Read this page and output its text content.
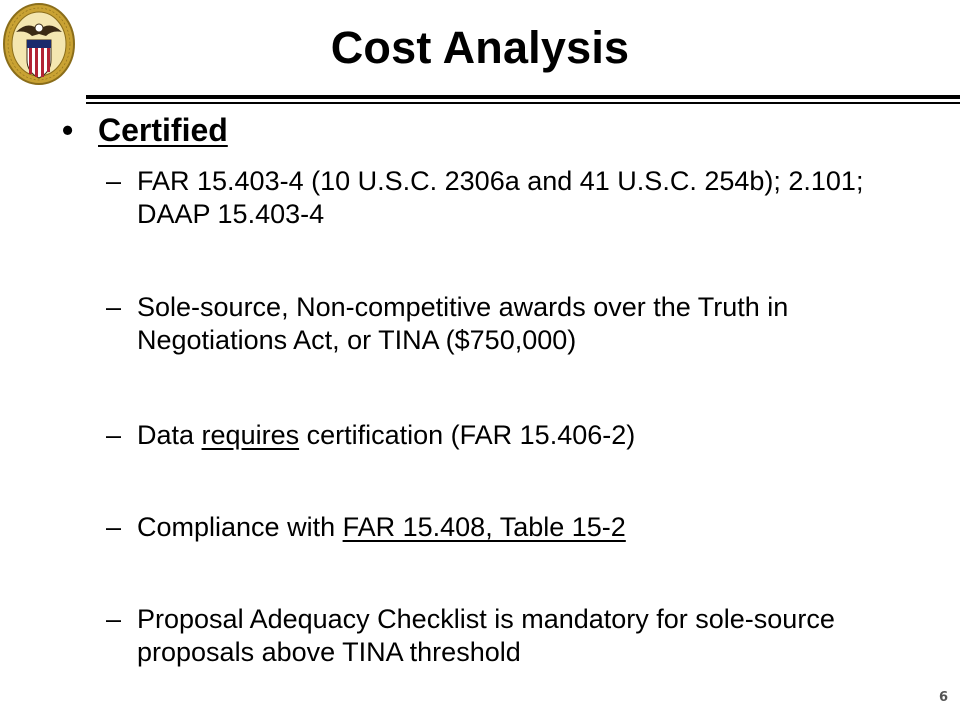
Cost Analysis
• Certified
– FAR 15.403-4 (10 U.S.C. 2306a and 41 U.S.C. 254b); 2.101; DAAP 15.403-4
– Sole-source, Non-competitive awards over the Truth in Negotiations Act, or TINA ($750,000)
– Data requires certification (FAR 15.406-2)
– Compliance with FAR 15.408, Table 15-2
– Proposal Adequacy Checklist is mandatory for sole-source proposals above TINA threshold
6
